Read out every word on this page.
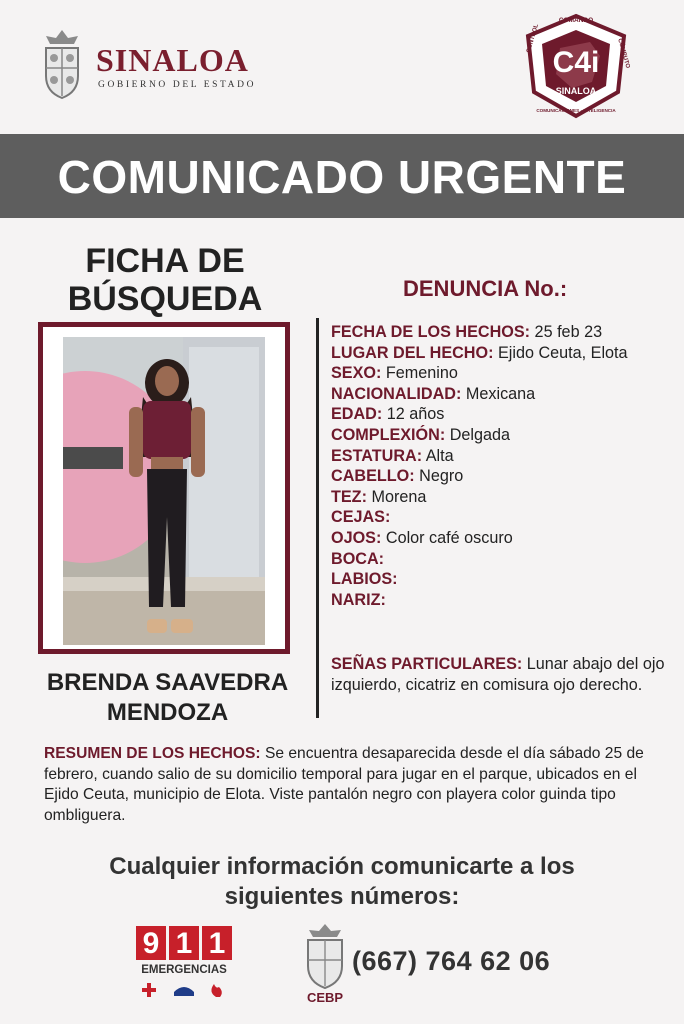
SINALOA
GOBIERNO DEL ESTADO
COMANDO
CONTROL	CÓMPUTO
C4i
SINALOA
COMUNICACIONES · INTELIGENCIA
COMUNICADO URGENTE
FICHA DE
BÚSQUEDA
BRENDA SAAVEDRA
MENDOZA
DENUNCIA No.:
FECHA DE LOS HECHOS: 25 feb 23
LUGAR DEL HECHO: Ejido Ceuta, Elota
SEXO: Femenino
NACIONALIDAD: Mexicana
EDAD: 12 años
COMPLEXIÓN: Delgada
ESTATURA: Alta
CABELLO: Negro
TEZ: Morena
CEJAS:
OJOS: Color café oscuro
BOCA:
LABIOS:
NARIZ:
SEÑAS PARTICULARES: Lunar abajo del ojo izquierdo, cicatriz en comisura ojo derecho.
RESUMEN DE LOS HECHOS: Se encuentra desaparecida desde el día sábado 25 de febrero, cuando salio de su domicilio temporal para jugar en el parque, ubicados en el Ejido Ceuta, municipio de Elota. Viste pantalón negro con playera color guinda tipo ombliguera.
Cualquier información comunicarte a los
siguientes números:
9 1 1
EMERGENCIAS
CEBP
(667) 764 62 06
